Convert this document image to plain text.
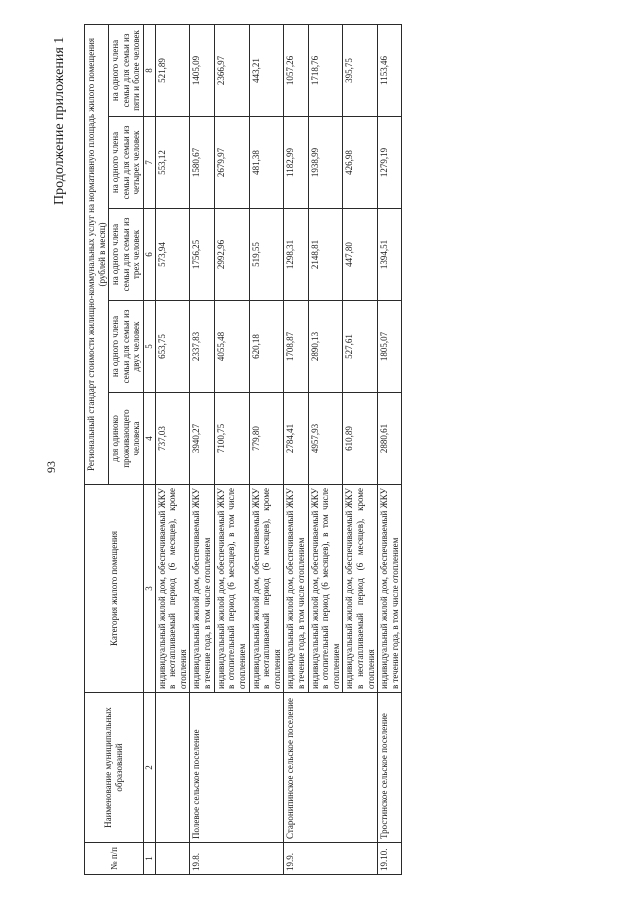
93
Продолжение приложения 1
№ п/п	Наименование муниципальных образований	Категория жилого помещения	Региональный стандарт стоимости жилищно-коммунальных услуг на нормативную площадь жилого помещения (рублей в месяц)				
			для одиноко проживающего человека	на одного члена семьи для семьи из двух человек	на одного члена семьи для семьи из трех человек	на одного члена семьи для семьи из четырех человек	на одного члена семьи для семьи из пяти и более человек
1	2	3	4	5	6	7	8
		индивидуальный жилой дом, обеспечиваемый ЖКУ в неотапливаемый период (6 месяцев), кроме отопления	737,03	653,75	573,94	553,12	521,89
19.8.	Полевое сельское поселение	индивидуальный жилой дом, обеспечиваемый ЖКУ в течение года, в том числе отоплением	3940,27	2337,83	1756,25	1580,67	1405,09
		индивидуальный жилой дом, обеспечиваемый ЖКУ в отопительный период (6 месяцев), в том числе отоплением	7100,75	4055,48	2992,96	2679,97	2366,97
		индивидуальный жилой дом, обеспечиваемый ЖКУ в неотапливаемый период (6 месяцев), кроме отопления	779,80	620,18	519,55	481,38	443,21
19.9.	Старонипинское сельское поселение	индивидуальный жилой дом, обеспечиваемый ЖКУ в течение года, в том числе отоплением	2784,41	1708,87	1298,31	1182,99	1057,26
		индивидуальный жилой дом, обеспечиваемый ЖКУ в отопительный период (6 месяцев), в том числе отоплением	4957,93	2890,13	2148,81	1938,99	1718,76
		индивидуальный жилой дом, обеспечиваемый ЖКУ в неотапливаемый период (6 месяцев), кроме отопления	610,89	527,61	447,80	426,98	395,75
19.10.	Тростинское сельское поселение	индивидуальный жилой дом, обеспечиваемый ЖКУ в течение года, в том числе отоплением	2880,61	1805,07	1394,51	1279,19	1153,46
